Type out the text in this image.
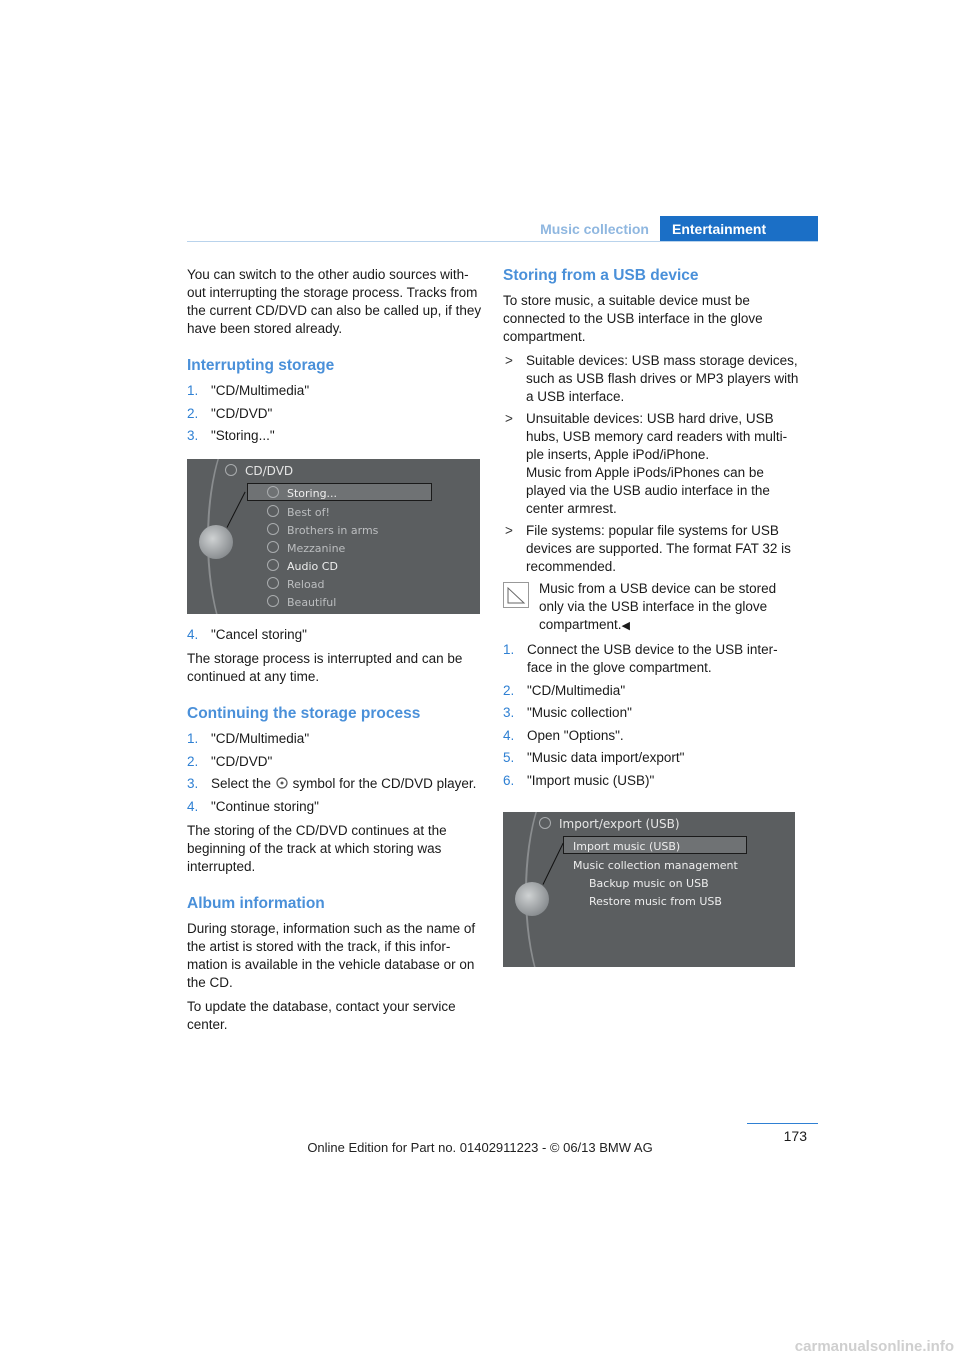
Music collection	Entertainment

You can switch to the other audio sources with-out interrupting the storage process. Tracks from the current CD/DVD can also be called up, if they have been stored already.

Interrupting storage
1. "CD/Multimedia"
2. "CD/DVD"
3. "Storing..."
CD/DVD
Storing...
Best of!
Brothers in arms
Mezzanine
Audio CD
Reload
Beautiful
4. "Cancel storing"

The storage process is interrupted and can be continued at any time.

Continuing the storage process
1. "CD/Multimedia"
2. "CD/DVD"
3. Select the symbol for the CD/DVD player.
4. "Continue storing"

The storing of the CD/DVD continues at the beginning of the track at which storing was interrupted.

Album information

During storage, information such as the name of the artist is stored with the track, if this infor-mation is available in the vehicle database or on the CD.

To update the database, contact your service center.

Storing from a USB device

To store music, a suitable device must be connected to the USB interface in the glove compartment.

> Suitable devices: USB mass storage devices, such as USB flash drives or MP3 players with a USB interface.
> Unsuitable devices: USB hard drive, USB hubs, USB memory card readers with multi-ple inserts, Apple iPod/iPhone.
Music from Apple iPods/iPhones can be played via the USB audio interface in the center armrest.
> File systems: popular file systems for USB devices are supported. The format FAT 32 is recommended.
Music from a USB device can be stored only via the USB interface in the glove compartment.◀
1. Connect the USB device to the USB inter-face in the glove compartment.
2. "CD/Multimedia"
3. "Music collection"
4. Open "Options".
5. "Music data import/export"
6. "Import music (USB)"
Import/export (USB)
Import music (USB)
Music collection management
Backup music on USB
Restore music from USB
173
Online Edition for Part no. 01402911223 - © 06/13 BMW AG
carmanualsonline.info
